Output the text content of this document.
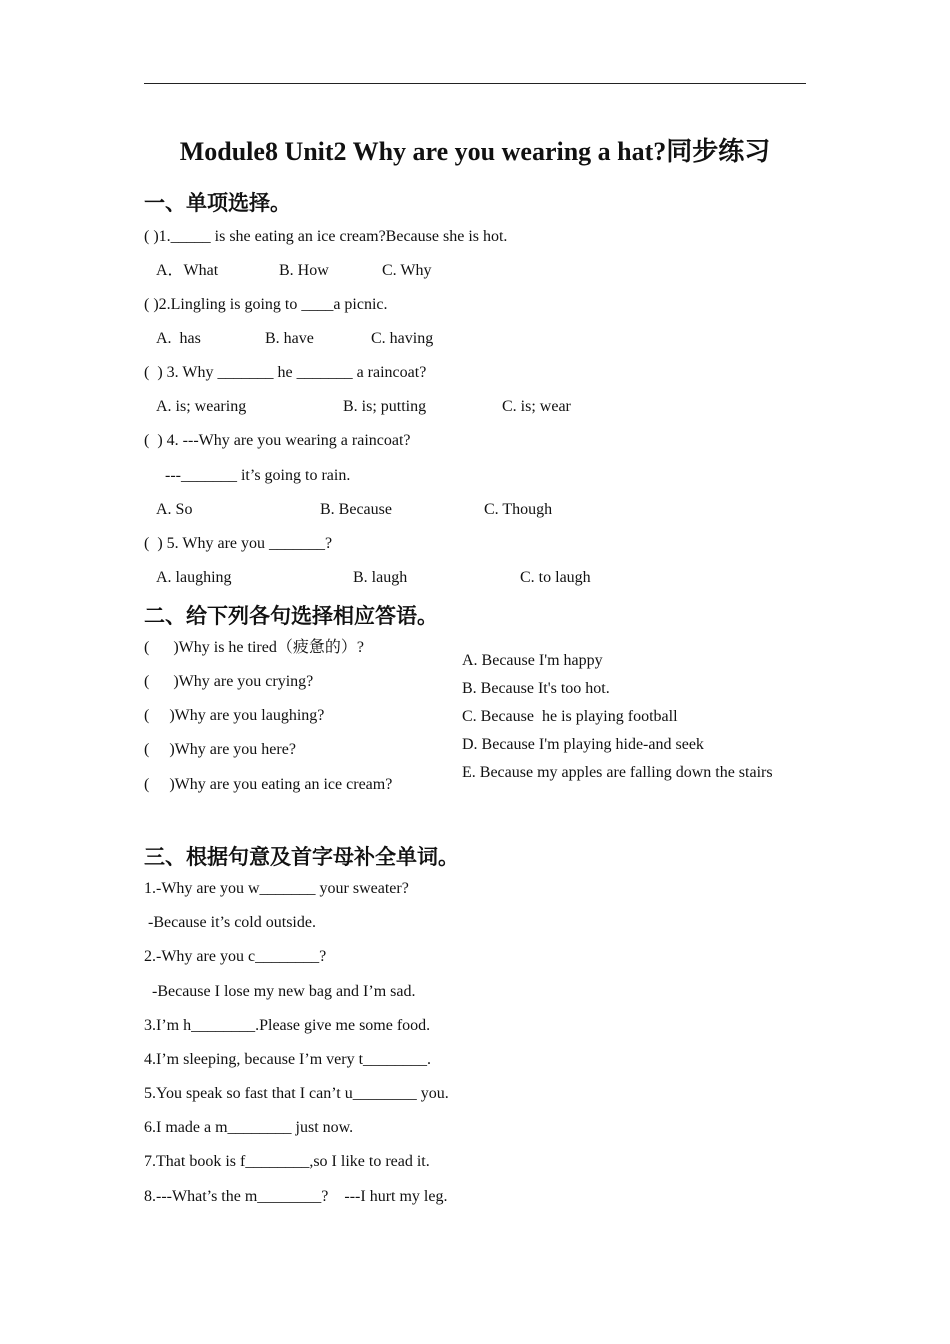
Module8 Unit2 Why are you wearing a hat?同步练习
一、单项选择。
( )1._____ is she eating an ice cream?Because she is hot.
A．What	B. How	C. Why
( )2.Lingling is going to ____a picnic.
A.  has	B. have	C. having
(  ) 3. Why _______ he _______ a raincoat?
A. is; wearing	B. is; putting	C. is; wear
(  ) 4. ---Why are you wearing a raincoat?
---_______ it’s going to rain.
A. So	B. Because	C. Though
(  ) 5. Why are you _______?
A. laughing	B. laugh	C. to laugh
二、给下列各句选择相应答语。
(      )Why is he tired（疲惫的）?
(      )Why are you crying?
(     )Why are you laughing?
(     )Why are you here?
(     )Why are you eating an ice cream?
A. Because I'm happy
B. Because It's too hot.
C. Because  he is playing football
D. Because I'm playing hide-and seek
E. Because my apples are falling down the stairs
三、根据句意及首字母补全单词。
1.-Why are you w_______ your sweater?
-Because it’s cold outside.
2.-Why are you c________?
-Because I lose my new bag and I’m sad.
3.I’m h________.Please give me some food.
4.I’m sleeping, because I’m very t________.
5.You speak so fast that I can’t u________ you.
6.I made a m________ just now.
7.That book is f________,so I like to read it.
8.---What’s the m________?    ---I hurt my leg.
